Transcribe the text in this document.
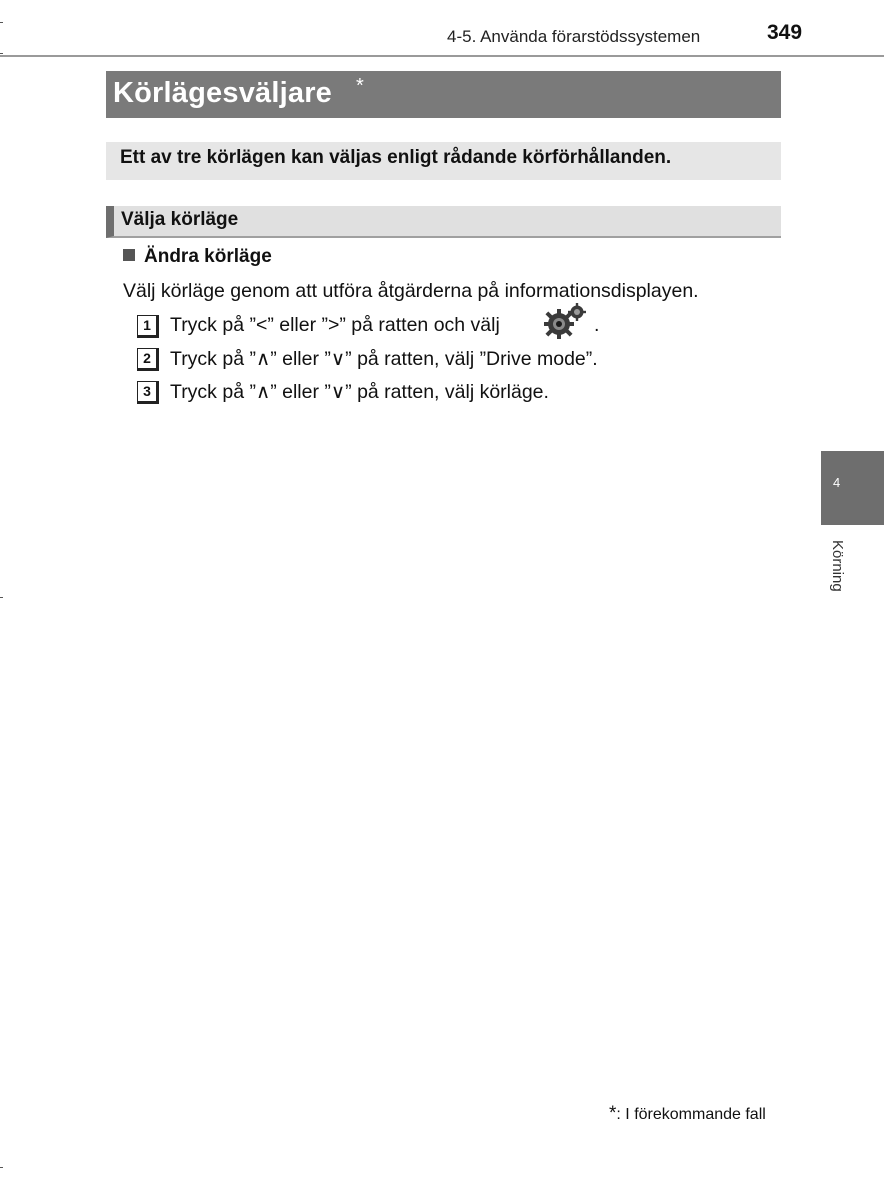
4-5. Använda förarstödssystemen	349
Körlägesväljare *
Ett av tre körlägen kan väljas enligt rådande körförhållanden.
Välja körläge
Ändra körläge
Välj körläge genom att utföra åtgärderna på informationsdisplayen.
1 Tryck på ”<” eller ”>” på ratten och välj	.
2 Tryck på ”∧” eller ”∨” på ratten, välj ”Drive mode”.
3 Tryck på ”∧” eller ”∨” på ratten, välj körläge.
4
Körning
*: I förekommande fall
